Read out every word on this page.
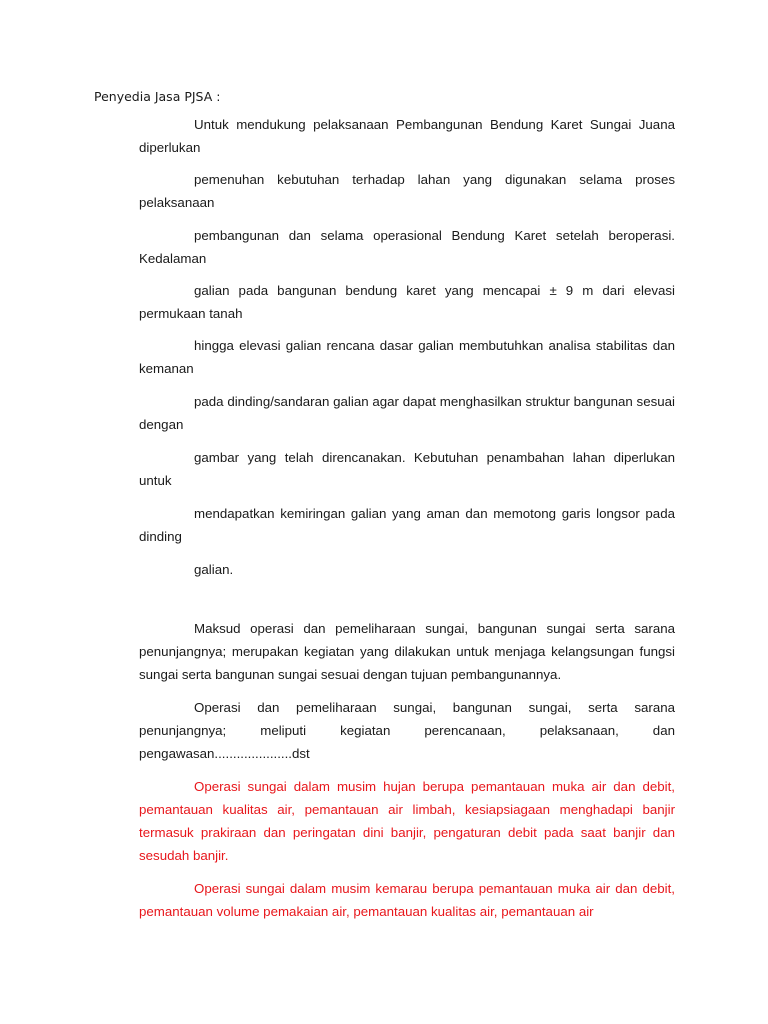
Penyedia Jasa PJSA :

Untuk mendukung pelaksanaan Pembangunan Bendung Karet Sungai Juana diperlukan

pemenuhan kebutuhan terhadap lahan yang digunakan selama proses pelaksanaan

pembangunan dan selama operasional Bendung Karet setelah beroperasi. Kedalaman

galian pada bangunan bendung karet yang mencapai ± 9 m dari elevasi permukaan tanah

hingga elevasi galian rencana dasar galian membutuhkan analisa stabilitas dan kemanan

pada dinding/sandaran galian agar dapat menghasilkan struktur bangunan sesuai dengan

gambar yang telah direncanakan. Kebutuhan penambahan lahan diperlukan untuk

mendapatkan kemiringan galian yang aman dan memotong garis longsor pada dinding

galian.

Maksud operasi dan pemeliharaan sungai, bangunan sungai serta sarana penunjangnya; merupakan kegiatan yang dilakukan untuk menjaga kelangsungan fungsi sungai serta bangunan sungai sesuai dengan tujuan pembangunannya.

Operasi dan pemeliharaan sungai, bangunan sungai, serta sarana penunjangnya; meliputi kegiatan perencanaan, pelaksanaan, dan pengawasan.....................dst

Operasi sungai dalam musim hujan berupa pemantauan muka air dan debit, pemantauan kualitas air, pemantauan air limbah, kesiapsiagaan menghadapi banjir termasuk prakiraan dan peringatan dini banjir, pengaturan debit pada saat banjir dan sesudah banjir.

Operasi sungai dalam musim kemarau berupa pemantauan muka air dan debit, pemantauan volume pemakaian air, pemantauan kualitas air, pemantauan air
